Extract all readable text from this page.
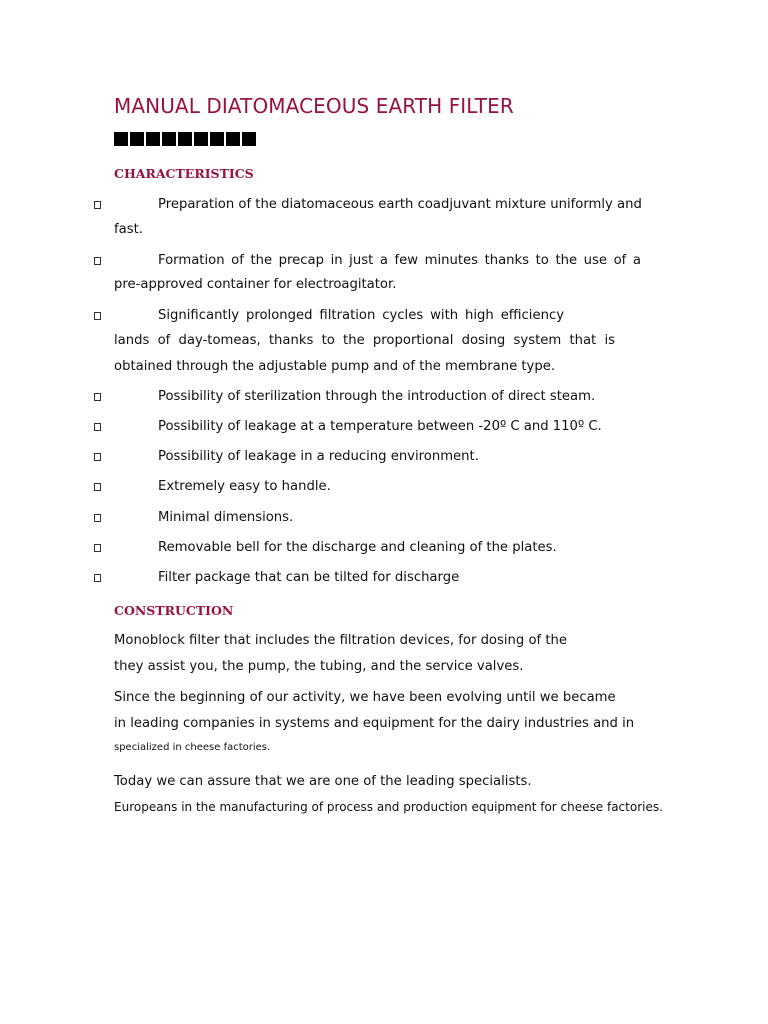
MANUAL DIATOMACEOUS EARTH FILTER
CHARACTERISTICS
Preparation of the diatomaceous earth coadjuvant mixture uniformly and
fast.
Formation of the precap in just a few minutes thanks to the use of a
pre-approved container for electroagitator.
Significantly prolonged filtration cycles with high efficiency
lands of day-tomeas, thanks to the proportional dosing system that is
obtained through the adjustable pump and of the membrane type.
Possibility of sterilization through the introduction of direct steam.
Possibility of leakage at a temperature between -20º C and 110º C.
Possibility of leakage in a reducing environment.
Extremely easy to handle.
Minimal dimensions.
Removable bell for the discharge and cleaning of the plates.
Filter package that can be tilted for discharge
CONSTRUCTION
Monoblock filter that includes the filtration devices, for dosing of the
they assist you, the pump, the tubing, and the service valves.
Since the beginning of our activity, we have been evolving until we became
in leading companies in systems and equipment for the dairy industries and in
specialized in cheese factories.
Today we can assure that we are one of the leading specialists.
Europeans in the manufacturing of process and production equipment for cheese factories.
